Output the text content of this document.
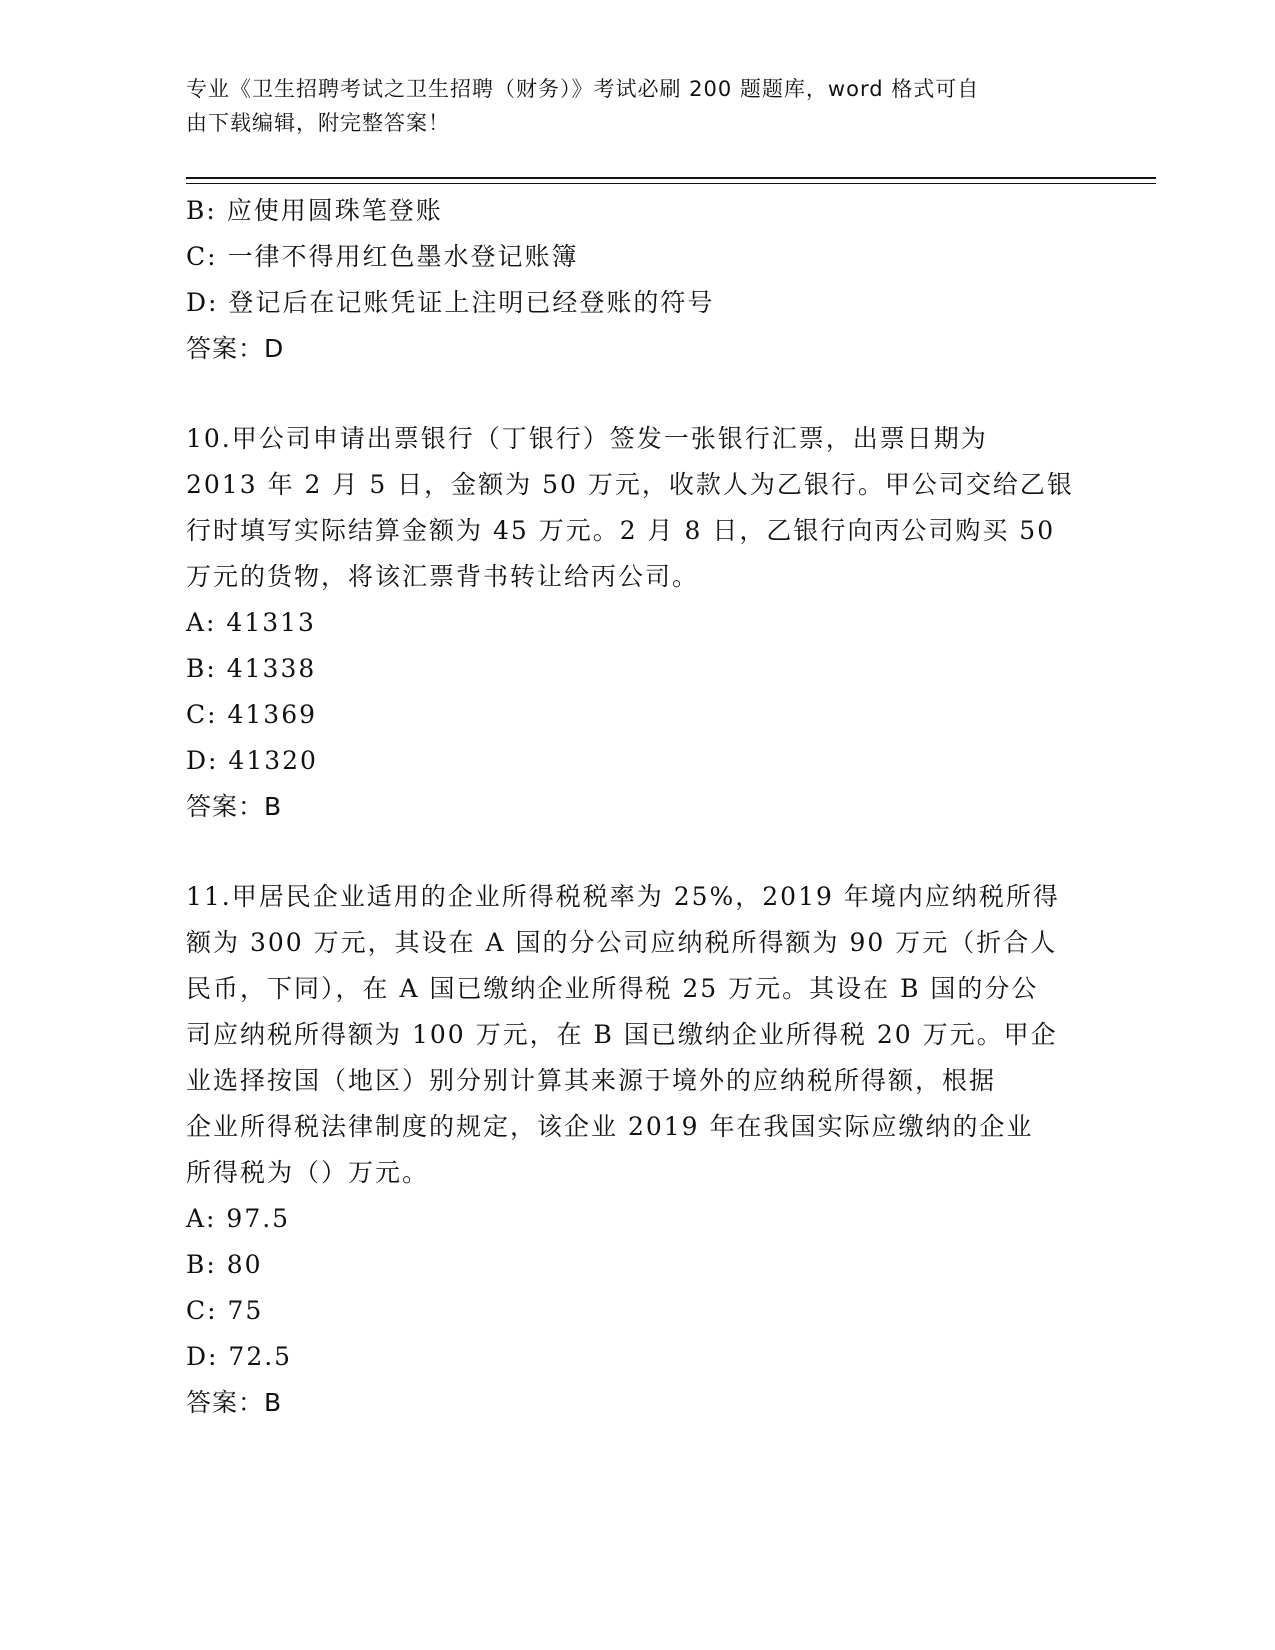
专业《卫生招聘考试之卫生招聘（财务）》考试必刷 200 题题库，word 格式可自
由下载编辑，附完整答案！
B: 应使用圆珠笔登账
C: 一律不得用红色墨水登记账簿
D: 登记后在记账凭证上注明已经登账的符号
答案：D
10.甲公司申请出票银行（丁银行）签发一张银行汇票，出票日期为
2013 年 2 月 5 日，金额为 50 万元，收款人为乙银行。甲公司交给乙银
行时填写实际结算金额为 45 万元。2 月 8 日，乙银行向丙公司购买 50
万元的货物，将该汇票背书转让给丙公司。
A: 41313
B: 41338
C: 41369
D: 41320
答案：B
11.甲居民企业适用的企业所得税税率为 25%，2019 年境内应纳税所得
额为 300 万元，其设在 A 国的分公司应纳税所得额为 90 万元（折合人
民币，下同），在 A 国已缴纳企业所得税 25 万元。其设在 B 国的分公
司应纳税所得额为 100 万元，在 B 国已缴纳企业所得税 20 万元。甲企
业选择按国（地区）别分别计算其来源于境外的应纳税所得额，根据
企业所得税法律制度的规定，该企业 2019 年在我国实际应缴纳的企业
所得税为（）万元。
A: 97.5
B: 80
C: 75
D: 72.5
答案：B
